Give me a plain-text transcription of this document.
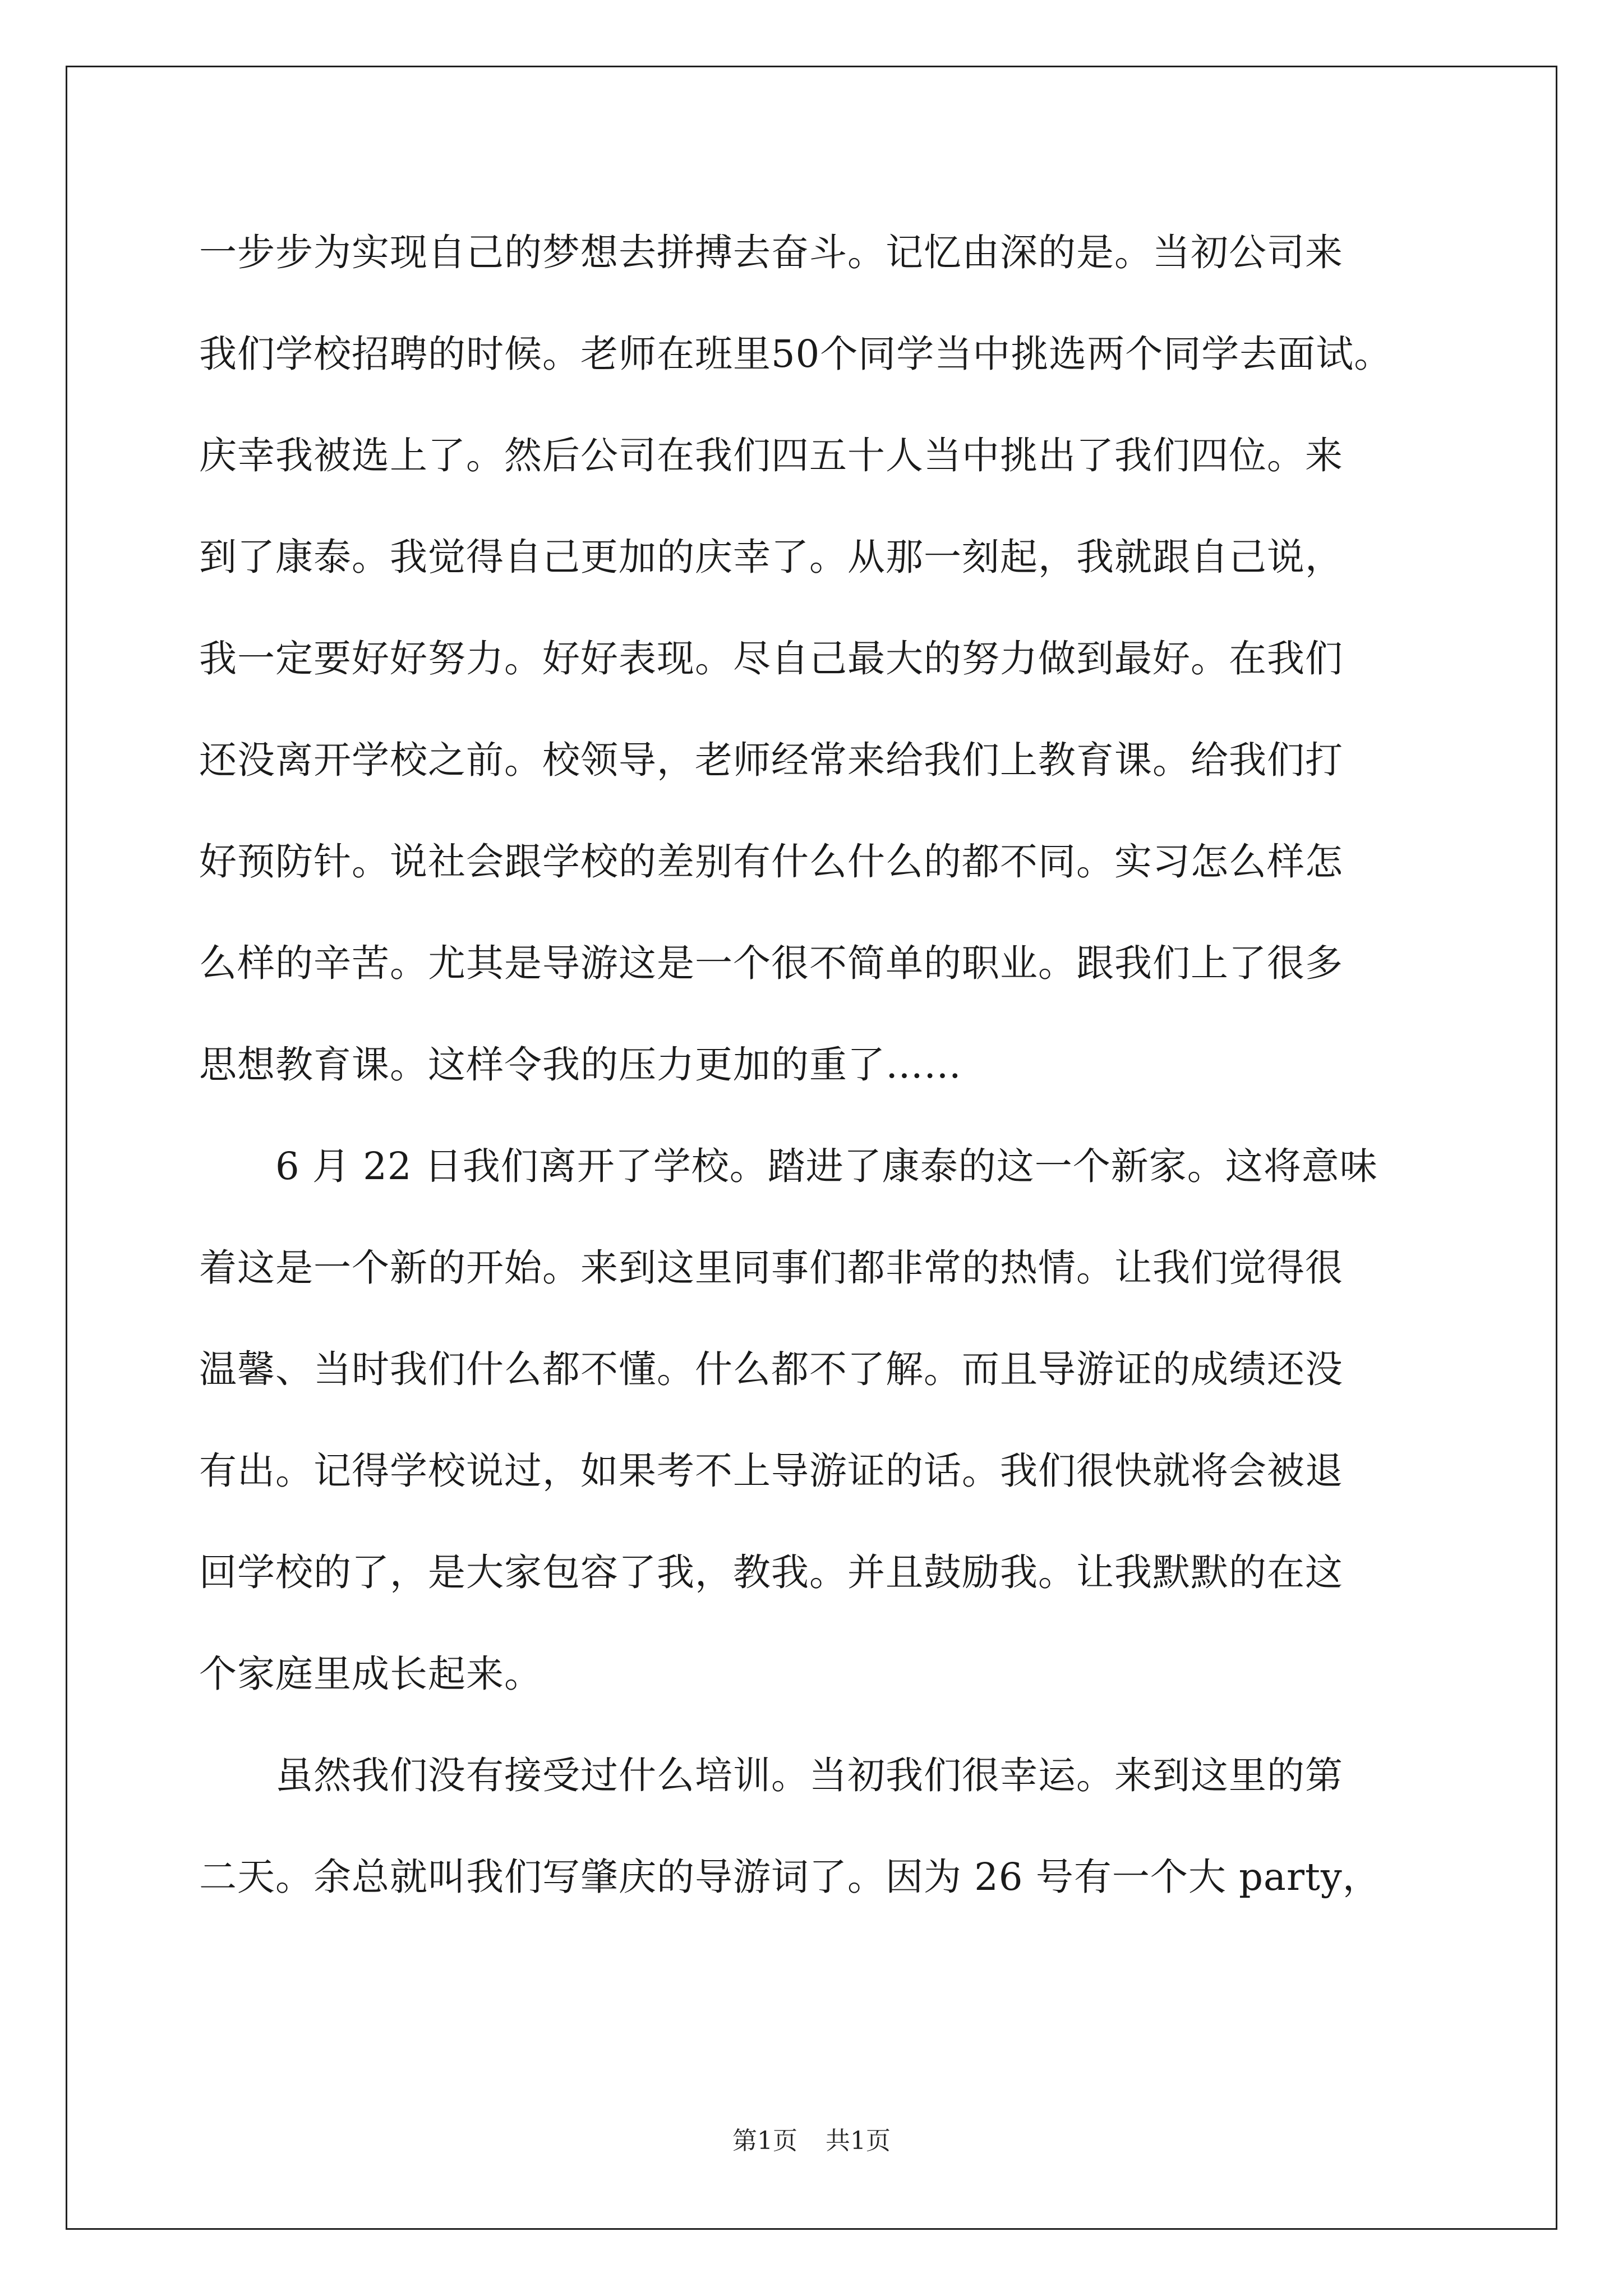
一步步为实现自己的梦想去拼搏去奋斗。记忆由深的是。当初公司来
我们学校招聘的时候。老师在班里50个同学当中挑选两个同学去面试。
庆幸我被选上了。然后公司在我们四五十人当中挑出了我们四位。来
到了康泰。我觉得自己更加的庆幸了。从那一刻起，我就跟自己说，
我一定要好好努力。好好表现。尽自己最大的努力做到最好。在我们
还没离开学校之前。校领导，老师经常来给我们上教育课。给我们打
好预防针。说社会跟学校的差别有什么什么的都不同。实习怎么样怎
么样的辛苦。尤其是导游这是一个很不简单的职业。跟我们上了很多
思想教育课。这样令我的压力更加的重了……
6 月 22 日我们离开了学校。踏进了康泰的这一个新家。这将意味
着这是一个新的开始。来到这里同事们都非常的热情。让我们觉得很
温馨、当时我们什么都不懂。什么都不了解。而且导游证的成绩还没
有出。记得学校说过，如果考不上导游证的话。我们很快就将会被退
回学校的了，是大家包容了我，教我。并且鼓励我。让我默默的在这
个家庭里成长起来。
虽然我们没有接受过什么培训。当初我们很幸运。来到这里的第
二天。余总就叫我们写肇庆的导游词了。因为 26 号有一个大 party，
第1页 共1页
